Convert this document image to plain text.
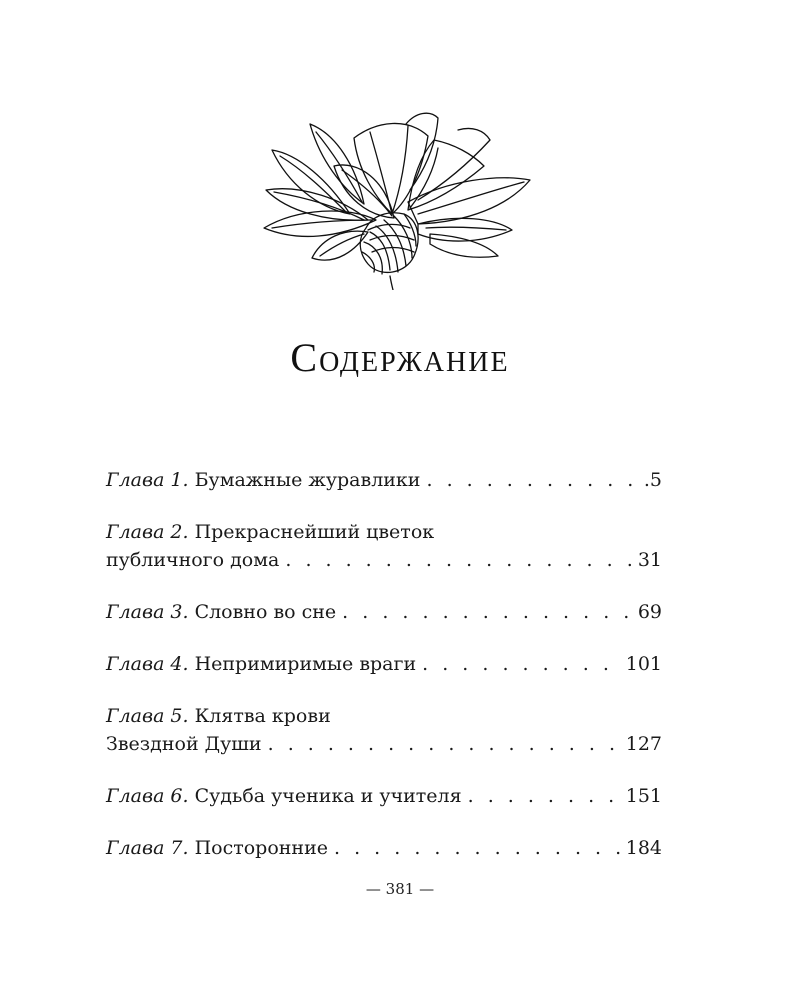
Содержание
Глава 1. Бумажные журавлики . . .	.5
Глава 2. Прекраснейший цветок
публичного дома . . .	31
Глава 3. Словно во сне . . .	69
Глава 4. Непримиримые враги . . .	101
Глава 5. Клятва крови
Звездной Души . . .	127
Глава 6. Судьба ученика и учителя . . .	151
Глава 7. Посторонние . . .	184
— 381 —
